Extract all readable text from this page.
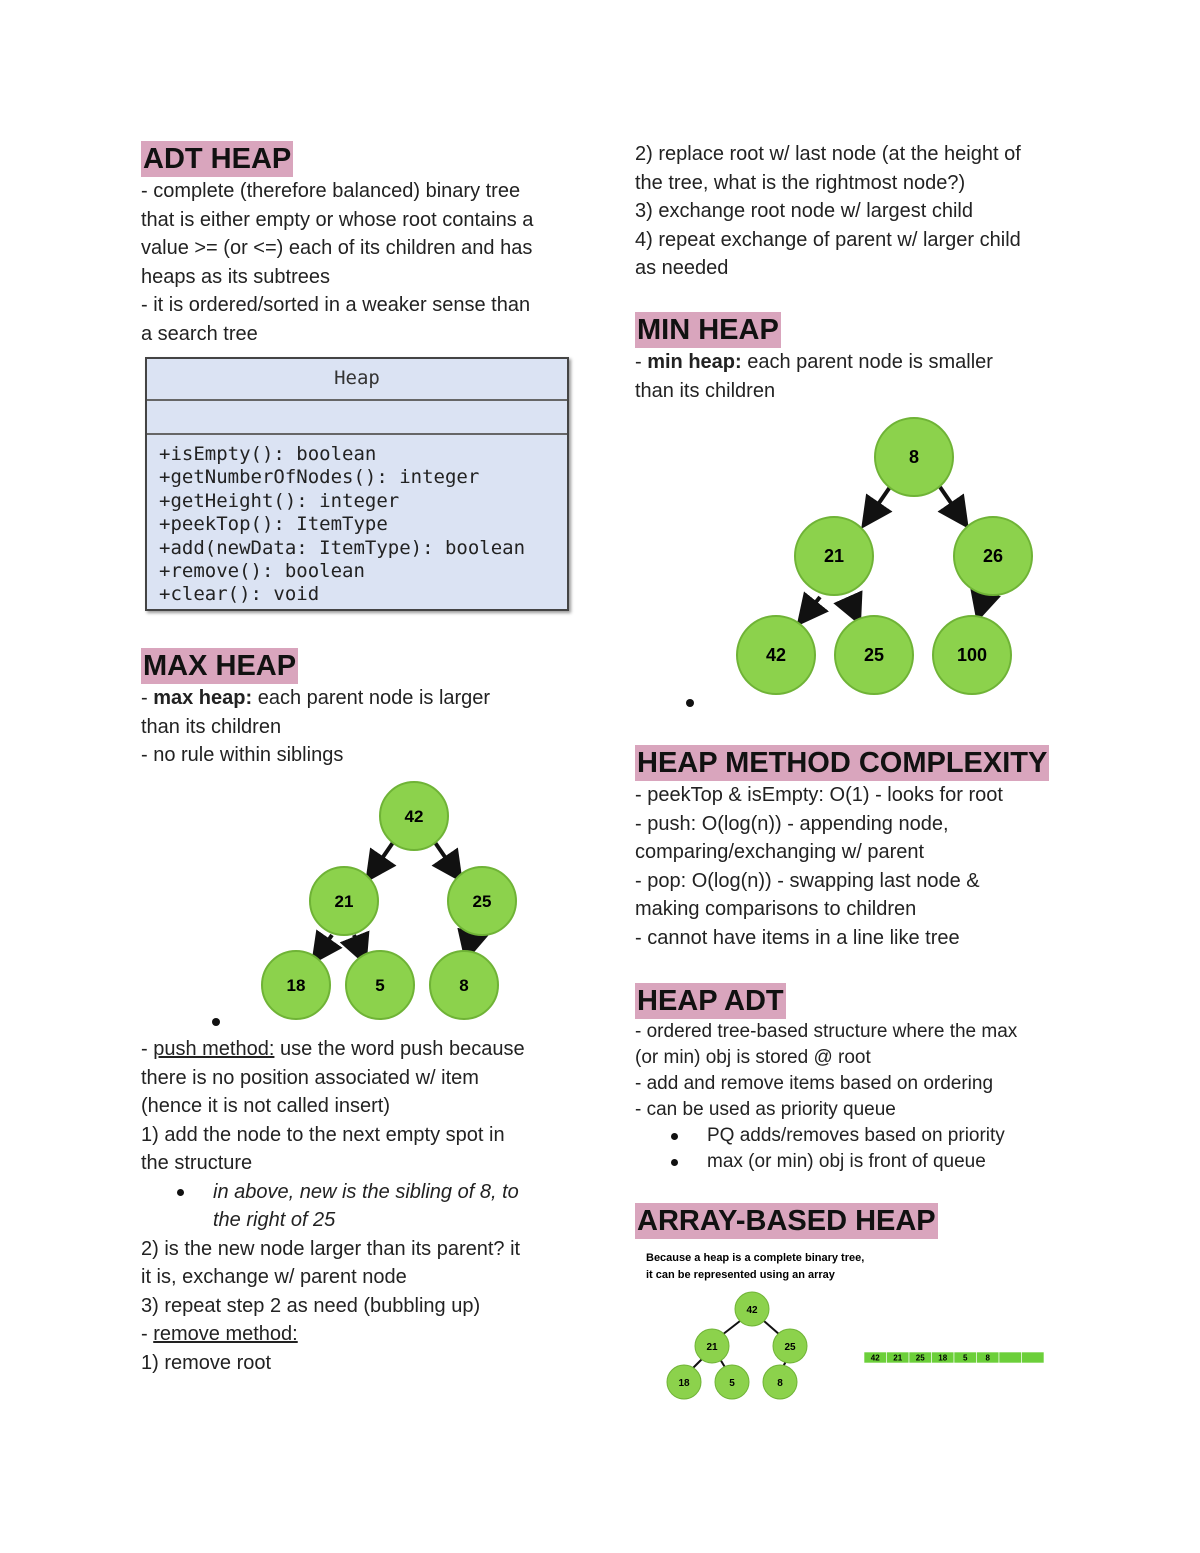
ADT HEAP

- complete (therefore balanced) binary tree

that is either empty or whose root contains a

value >= (or <=) each of its children and has

heaps as its subtrees

- it is ordered/sorted in a weaker sense than

a search tree

Heap
+isEmpty(): boolean
+getNumberOfNodes(): integer
+getHeight(): integer
+peekTop(): ItemType
+add(newData: ItemType): boolean
+remove(): boolean
+clear(): void
MAX HEAP

- max heap: each parent node is larger

than its children

- no rule within siblings

42
21	25
18	5	8

- push method: use the word push because

there is no position associated w/ item

(hence it is not called insert)

1) add the node to the next empty spot in

the structure

in above, new is the sibling of 8, to
the right of 25

2) is the new node larger than its parent? it

it is, exchange w/ parent node

3) repeat step 2 as need (bubbling up)

- remove method:

1) remove root

2) replace root w/ last node (at the height of

the tree, what is the rightmost node?)

3) exchange root node w/ largest child

4) repeat exchange of parent w/ larger child

as needed

MIN HEAP

- min heap: each parent node is smaller

than its children

8
21	26
42	25	100
HEAP METHOD COMPLEXITY

- peekTop & isEmpty: O(1) - looks for root

- push: O(log(n)) - appending node,

comparing/exchanging w/ parent

- pop: O(log(n)) - swapping last node &

making comparisons to children

- cannot have items in a line like tree

HEAP ADT

- ordered tree-based structure where the max

(or min) obj is stored @ root

- add and remove items based on ordering

- can be used as priority queue

PQ adds/removes based on priority
max (or min) obj is front of queue
ARRAY-BASED HEAP
Because a heap is a complete binary tree,
it can be represented using an array
42
21	25
18	5	8
42 21 25 18 5 8
